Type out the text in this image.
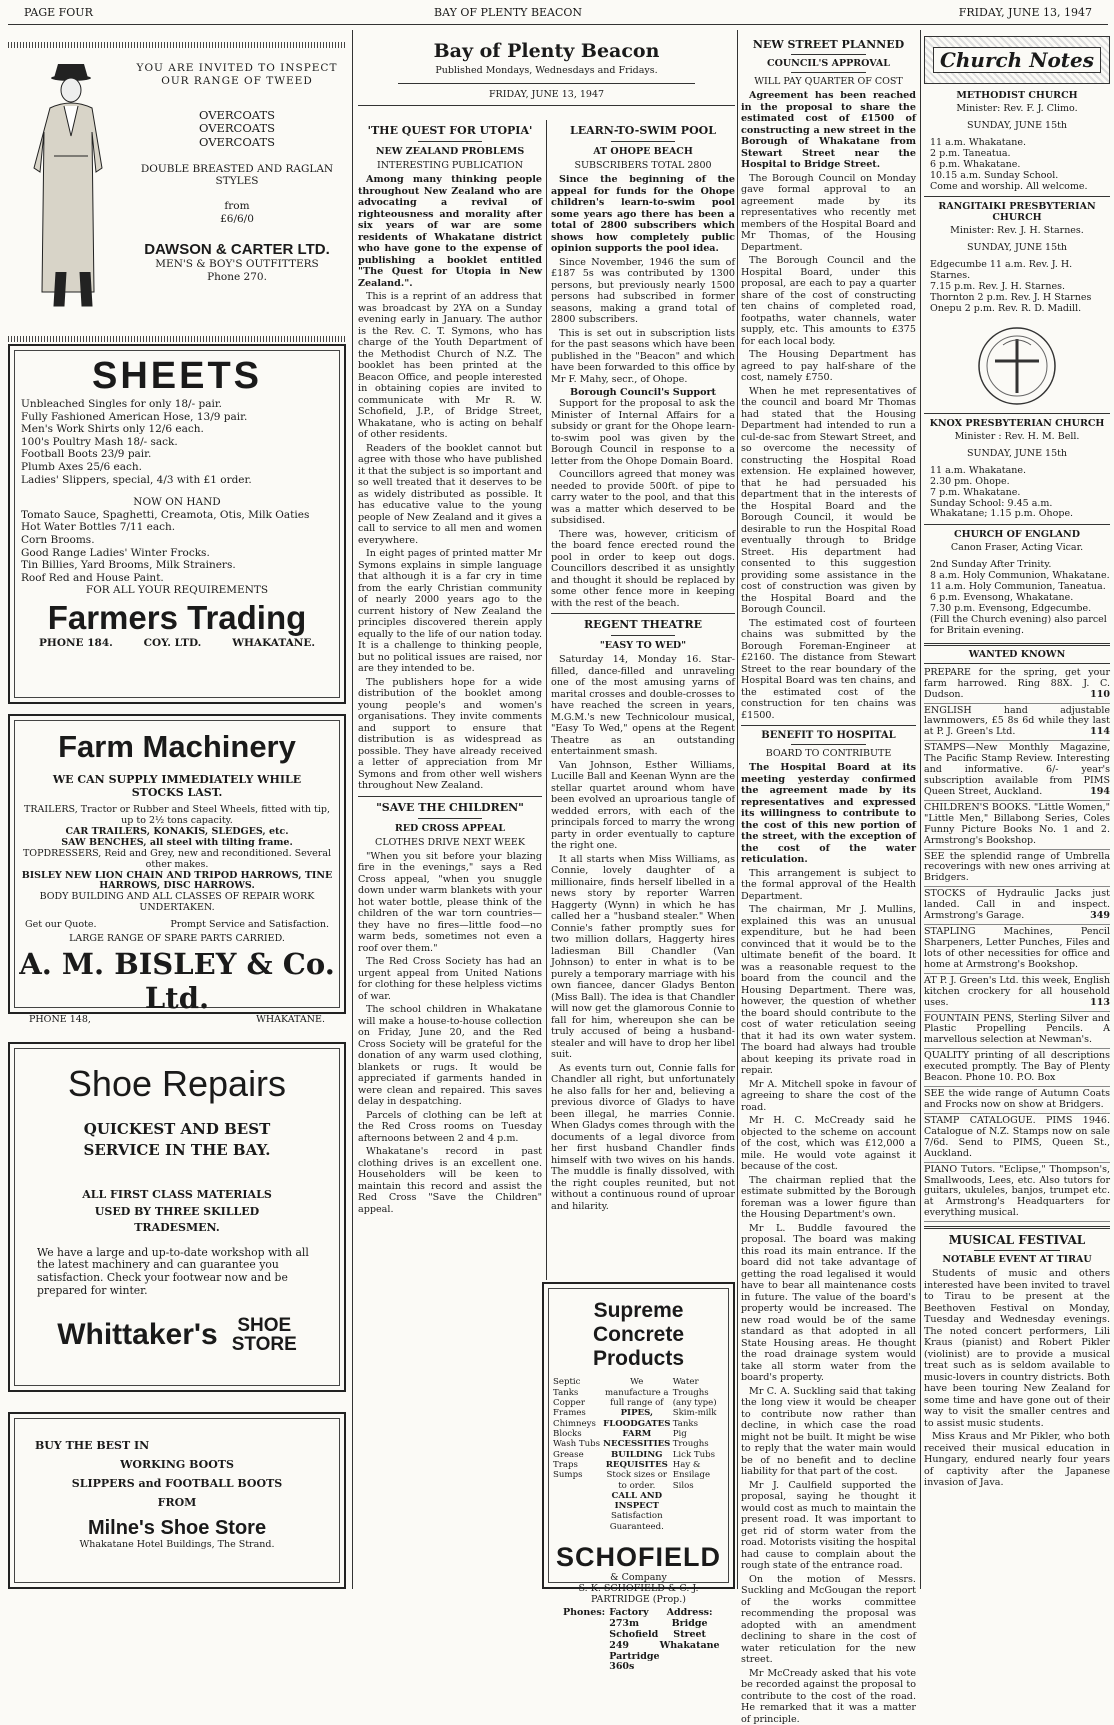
PAGE FOUR	BAY OF PLENTY BEACON	FRIDAY, JUNE 13, 1947
YOU ARE INVITED TO INSPECT OUR RANGE OF TWEED
OVERCOATS
OVERCOATS
OVERCOATS
DOUBLE BREASTED AND RAGLAN STYLES
from
£6/6/0
DAWSON & CARTER LTD.
MEN'S & BOY'S OUTFITTERS
Phone 270.
SHEETS
Unbleached Singles for only 18/- pair.
Fully Fashioned American Hose, 13/9 pair.
Men's Work Shirts only 12/6 each.
100's Poultry Mash 18/- sack.
Football Boots 23/9 pair.
Plumb Axes 25/6 each.
Ladies' Slippers, special, 4/3 with £1 order.
NOW ON HAND
Tomato Sauce, Spaghetti, Creamota, Otis, Milk Oaties
Hot Water Bottles 7/11 each.
Corn Brooms.
Good Range Ladies' Winter Frocks.
Tin Billies, Yard Brooms, Milk Strainers.
Roof Red and House Paint.
FOR ALL YOUR REQUIREMENTS
Farmers Trading
PHONE 184.	COY. LTD.	WHAKATANE.
Farm Machinery
WE CAN SUPPLY IMMEDIATELY WHILE STOCKS LAST.
TRAILERS, Tractor or Rubber and Steel Wheels, fitted with tip, up to 2½ tons capacity.
CAR TRAILERS, KONAKIS, SLEDGES, etc.
SAW BENCHES, all steel with tilting frame.
TOPDRESSERS, Reid and Grey, new and reconditioned. Several other makes.
BISLEY NEW LION CHAIN AND TRIPOD HARROWS, TINE HARROWS, DISC HARROWS.
BODY BUILDING AND ALL CLASSES OF REPAIR WORK UNDERTAKEN.
Get our Quote.	Prompt Service and Satisfaction.
LARGE RANGE OF SPARE PARTS CARRIED.
A. M. BISLEY & Co. Ltd.
PHONE 148,	WHAKATANE.
Shoe Repairs
QUICKEST AND BEST SERVICE IN THE BAY.
ALL FIRST CLASS MATERIALS USED BY THREE SKILLED TRADESMEN.
We have a large and up-to-date workshop with all the latest machinery and can guarantee you satisfaction. Check your footwear now and be prepared for winter.
Whittaker's SHOE
STORE
BUY THE BEST IN
WORKING BOOTS
SLIPPERS and FOOTBALL BOOTS
FROM
Milne's Shoe Store
Whakatane Hotel Buildings, The Strand.
Bay of Plenty Beacon
Published Mondays, Wednesdays and Fridays.
FRIDAY, JUNE 13, 1947
'THE QUEST FOR UTOPIA'
NEW ZEALAND PROBLEMS
INTERESTING PUBLICATION

Among many thinking people throughout New Zealand who are advocating a revival of righteousness and morality after six years of war are some residents of Whakatane district who have gone to the expense of publishing a booklet entitled "The Quest for Utopia in New Zealand.".

This is a reprint of an address that was broadcast by 2YA on a Sunday evening early in January. The author is the Rev. C. T. Symons, who has charge of the Youth Department of the Methodist Church of N.Z. The booklet has been printed at the Beacon Office, and people interested in obtaining copies are invited to communicate with Mr R. W. Schofield, J.P., of Bridge Street, Whakatane, who is acting on behalf of other residents.

Readers of the booklet cannot but agree with those who have published it that the subject is so important and so well treated that it deserves to be as widely distributed as possible. It has educative value to the young people of New Zealand and it gives a call to service to all men and women everywhere.

In eight pages of printed matter Mr Symons explains in simple language that although it is a far cry in time from the early Christian community of nearly 2000 years ago to the current history of New Zealand the principles discovered therein apply equally to the life of our nation today. It is a challenge to thinking people, but no political issues are raised, nor are they intended to be.

The publishers hope for a wide distribution of the booklet among young people's and women's organisations. They invite comments and support to ensure that distribution is as widespread as possible. They have already received a letter of appreciation from Mr Symons and from other well wishers throughout New Zealand.

"SAVE THE CHILDREN"
RED CROSS APPEAL
CLOTHES DRIVE NEXT WEEK

"When you sit before your blazing fire in the evenings," says a Red Cross appeal, "when you snuggle down under warm blankets with your hot water bottle, please think of the children of the war torn countries—they have no fires—little food—no warm beds, sometimes not even a roof over them."

The Red Cross Society has had an urgent appeal from United Nations for clothing for these helpless victims of war.

The school children in Whakatane will make a house-to-house collection on Friday, June 20, and the Red Cross Society will be grateful for the donation of any warm used clothing, blankets or rugs. It would be appreciated if garments handed in were clean and repaired. This saves delay in despatching.

Parcels of clothing can be left at the Red Cross rooms on Tuesday afternoons between 2 and 4 p.m.

Whakatane's record in past clothing drives is an excellent one. Householders will be keen to maintain this record and assist the Red Cross "Save the Children" appeal.

LEARN-TO-SWIM POOL
AT OHOPE BEACH
SUBSCRIBERS TOTAL 2800

Since the beginning of the appeal for funds for the Ohope children's learn-to-swim pool some years ago there has been a total of 2800 subscribers which shows how completely public opinion supports the pool idea.

Since November, 1946 the sum of £187 5s was contributed by 1300 persons, but previously nearly 1500 persons had subscribed in former seasons, making a grand total of 2800 subscribers.

This is set out in subscription lists for the past seasons which have been published in the "Beacon" and which have been forwarded to this office by Mr F. Mahy, secr., of Ohope.

Borough Council's Support

Support for the proposal to ask the Minister of Internal Affairs for a subsidy or grant for the Ohope learn-to-swim pool was given by the Borough Council in response to a letter from the Ohope Domain Board.

Councillors agreed that money was needed to provide 500ft. of pipe to carry water to the pool, and that this was a matter which deserved to be subsidised.

There was, however, criticism of the board fence erected round the pool in order to keep out dogs. Councillors described it as unsightly and thought it should be replaced by some other fence more in keeping with the rest of the beach.

REGENT THEATRE
"EASY TO WED"

Saturday 14, Monday 16. Star-filled, dance-filled and unraveling one of the most amusing yarns of marital crosses and double-crosses to have reached the screen in years, M.G.M.'s new Technicolour musical, "Easy To Wed," opens at the Regent Theatre as an outstanding entertainment smash.

Van Johnson, Esther Williams, Lucille Ball and Keenan Wynn are the stellar quartet around whom have been evolved an uproarious tangle of wedded errors, with each of the principals forced to marry the wrong party in order eventually to capture the right one.

It all starts when Miss Williams, as Connie, lovely daughter of a millionaire, finds herself libelled in a news story by reporter Warren Haggerty (Wynn) in which he has called her a "husband stealer." When Connie's father promptly sues for two million dollars, Haggerty hires ladiesman Bill Chandler (Van Johnson) to enter in what is to be purely a temporary marriage with his own fiancee, dancer Gladys Benton (Miss Ball). The idea is that Chandler will now get the glamorous Connie to fall for him, whereupon she can be truly accused of being a husband-stealer and will have to drop her libel suit.

As events turn out, Connie falls for Chandler all right, but unfortunately he also falls for her and, believing a previous divorce of Gladys to have been illegal, he marries Connie. When Gladys comes through with the documents of a legal divorce from her first husband Chandler finds himself with two wives on his hands. The muddle is finally dissolved, with the right couples reunited, but not without a continuous round of uproar and hilarity.

Supreme Concrete Products
Septic Tanks
Copper Frames
Chimneys
Blocks
Wash Tubs
Grease Traps
Sumps
We manufacture a full range of
PIPES, FLOODGATES
FARM NECESSITIES
BUILDING REQUISITES
Stock sizes or to order.
CALL AND INSPECT
Satisfaction Guaranteed.
Water Troughs (any type)
Skim-milk Tanks
Pig Troughs
Lick Tubs
Hay & Ensilage Silos
SCHOFIELD
& Company
S. K. SCHOFIELD & C. J. PARTRIDGE (Prop.)
Phones: Factory 273m
Schofield 249
Partridge 360s
Address:
Bridge Street
Whakatane
NEW STREET PLANNED
COUNCIL'S APPROVAL
WILL PAY QUARTER OF COST

Agreement has been reached in the proposal to share the estimated cost of £1500 of constructing a new street in the Borough of Whakatane from Stewart Street near the Hospital to Bridge Street.

The Borough Council on Monday gave formal approval to an agreement made by its representatives who recently met members of the Hospital Board and Mr Thomas, of the Housing Department.

The Borough Council and the Hospital Board, under this proposal, are each to pay a quarter share of the cost of constructing ten chains of completed road, footpaths, water channels, water supply, etc. This amounts to £375 for each local body.

The Housing Department has agreed to pay half-share of the cost, namely £750.

When he met representatives of the council and board Mr Thomas had stated that the Housing Department had intended to run a cul-de-sac from Stewart Street, and so overcome the necessity of constructing the Hospital Road extension. He explained however, that he had persuaded his department that in the interests of the Hospital Board and the Borough Council, it would be desirable to run the Hospital Road eventually through to Bridge Street. His department had consented to this suggestion providing some assistance in the cost of construction was given by the Hospital Board and the Borough Council.

The estimated cost of fourteen chains was submitted by the Borough Foreman-Engineer at £2160. The distance from Stewart Street to the rear boundary of the Hospital Board was ten chains, and the estimated cost of the construction for ten chains was £1500.

BENEFIT TO HOSPITAL
BOARD TO CONTRIBUTE

The Hospital Board at its meeting yesterday confirmed the agreement made by its representatives and expressed its willingness to contribute to the cost of this new portion of the street, with the exception of the cost of the water reticulation.

This arrangement is subject to the formal approval of the Health Department.

The chairman, Mr J. Mullins, explained this was an unusual expenditure, but he had been convinced that it would be to the ultimate benefit of the board. It was a reasonable request to the board from the council and the Housing Department. There was, however, the question of whether the board should contribute to the cost of water reticulation seeing that it had its own water system. The board had always had trouble about keeping its private road in repair.

Mr A. Mitchell spoke in favour of agreeing to share the cost of the road.

Mr H. C. McCready said he objected to the scheme on account of the cost, which was £12,000 a mile. He would vote against it because of the cost.

The chairman replied that the estimate submitted by the Borough foreman was a lower figure than the Housing Department's own.

Mr L. Buddle favoured the proposal. The board was making this road its main entrance. If the board did not take advantage of getting the road legalised it would have to bear all maintenance costs in future. The value of the board's property would be increased. The new road would be of the same standard as that adopted in all State Housing areas. He thought the road drainage system would take all storm water from the board's property.

Mr C. A. Suckling said that taking the long view it would be cheaper to contribute now rather than decline, in which case the road might not be built. It might be wise to reply that the water main would be of no benefit and to decline liability for that part of the cost.

Mr J. Caulfield supported the proposal, saying he thought it would cost as much to maintain the present road. It was important to get rid of storm water from the road. Motorists visiting the hospital had cause to complain about the rough state of the entrance road.

On the motion of Messrs. Suckling and McGougan the report of the works committee recommending the proposal was adopted with an amendment declining to share in the cost of water reticulation for the new street.

Mr McCready asked that his vote be recorded against the proposal to contribute to the cost of the road. He remarked that it was a matter of principle.

Church Notes
METHODIST CHURCH
Minister: Rev. F. J. Climo.
SUNDAY, JUNE 15th
11 a.m. Whakatane.
2 p.m. Taneatua.
6 p.m. Whakatane.
10.15 a.m. Sunday School.
Come and worship. All welcome.
RANGITAIKI PRESBYTERIAN CHURCH
Minister: Rev. J. H. Starnes.
SUNDAY, JUNE 15th
Edgecumbe 11 a.m. Rev. J. H. Starnes.
7.15 p.m. Rev. J. H. Starnes.
Thornton 2 p.m. Rev. J. H Starnes
Onepu 2 p.m. Rev. R. D. Madill.
KNOX PRESBYTERIAN CHURCH
Minister : Rev. H. M. Bell.
SUNDAY, JUNE 15th
11 a.m. Whakatane.
2.30 pm. Ohope.
7 p.m. Whakatane.
Sunday School: 9.45 a.m. Whakatane; 1.15 p.m. Ohope.
CHURCH OF ENGLAND
Canon Fraser, Acting Vicar.
2nd Sunday After Trinity.
8 a.m. Holy Communion, Whakatane.
11 a.m. Holy Communion, Taneatua.
6 p.m. Evensong, Whakatane.
7.30 p.m. Evensong, Edgecumbe. (Fill the Church evening) also parcel for Britain evening.
WANTED KNOWN
PREPARE for the spring, get your farm harrowed. Ring 88X. J. C. Dudson.	110
ENGLISH hand adjustable lawnmowers, £5 8s 6d while they last at P. J. Green's Ltd.	114
STAMPS—New Monthly Magazine, The Pacific Stamp Review. Interesting and informative. 6/- year's subscription available from PIMS Queen Street, Auckland.	194
CHILDREN'S BOOKS. "Little Women," "Little Men," Billabong Series, Coles Funny Picture Books No. 1 and 2. Armstrong's Bookshop.
SEE the splendid range of Umbrella recoverings with new ones arriving at Bridgers.
STOCKS of Hydraulic Jacks just landed. Call in and inspect. Armstrong's Garage.	349
STAPLING Machines, Pencil Sharpeners, Letter Punches, Files and lots of other necessities for office and home at Armstrong's Bookshop.
AT P. J. Green's Ltd. this week, English kitchen crockery for all household uses.	113
FOUNTAIN PENS, Sterling Silver and Plastic Propelling Pencils. A marvellous selection at Newman's.
QUALITY printing of all descriptions executed promptly. The Bay of Plenty Beacon. Phone 10. P.O. Box
SEE the wide range of Autumn Coats and Frocks now on show at Bridgers.
STAMP CATALOGUE. PIMS 1946. Catalogue of N.Z. Stamps now on sale 7/6d. Send to PIMS, Queen St., Auckland.
PIANO Tutors. "Eclipse," Thompson's, Smallwoods, Lees, etc. Also tutors for guitars, ukuleles, banjos, trumpet etc. at Armstrong's Headquarters for everything musical.
MUSICAL FESTIVAL
NOTABLE EVENT AT TIRAU

Students of music and others interested have been invited to travel to Tirau to be present at the Beethoven Festival on Monday, Tuesday and Wednesday evenings. The noted concert performers, Lili Kraus (pianist) and Robert Pikler (violinist) are to provide a musical treat such as is seldom available to music-lovers in country districts. Both have been touring New Zealand for some time and have gone out of their way to visit the smaller centres and to assist music students.

Miss Kraus and Mr Pikler, who both received their musical education in Hungary, endured nearly four years of captivity after the Japanese invasion of Java.
